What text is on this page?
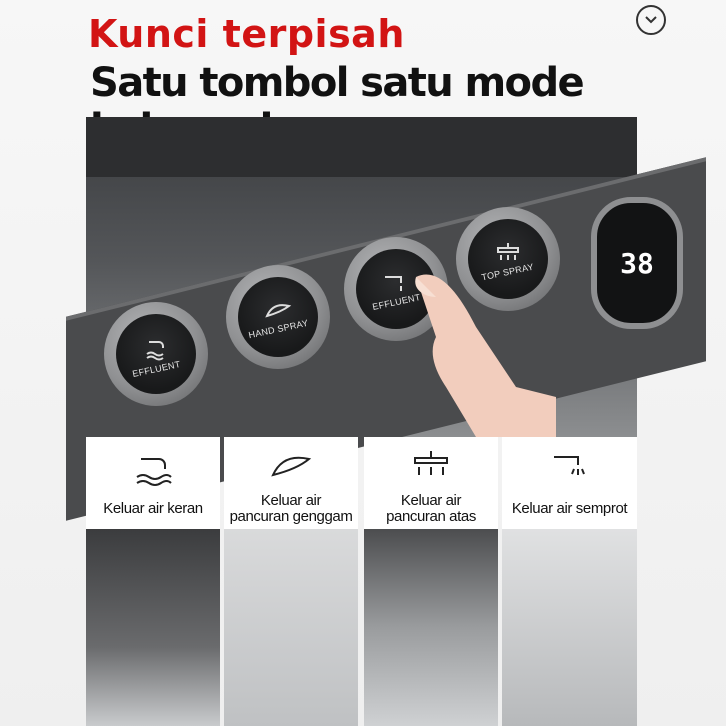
Kunci terpisah
Satu tombol satu mode
EFFLUENT
HAND SPRAY
EFFLUENT
TOP SPRAY	38
Keluar air keran	Keluar air
pancuran genggam
Keluar air
pancuran atas	Keluar air semprot
